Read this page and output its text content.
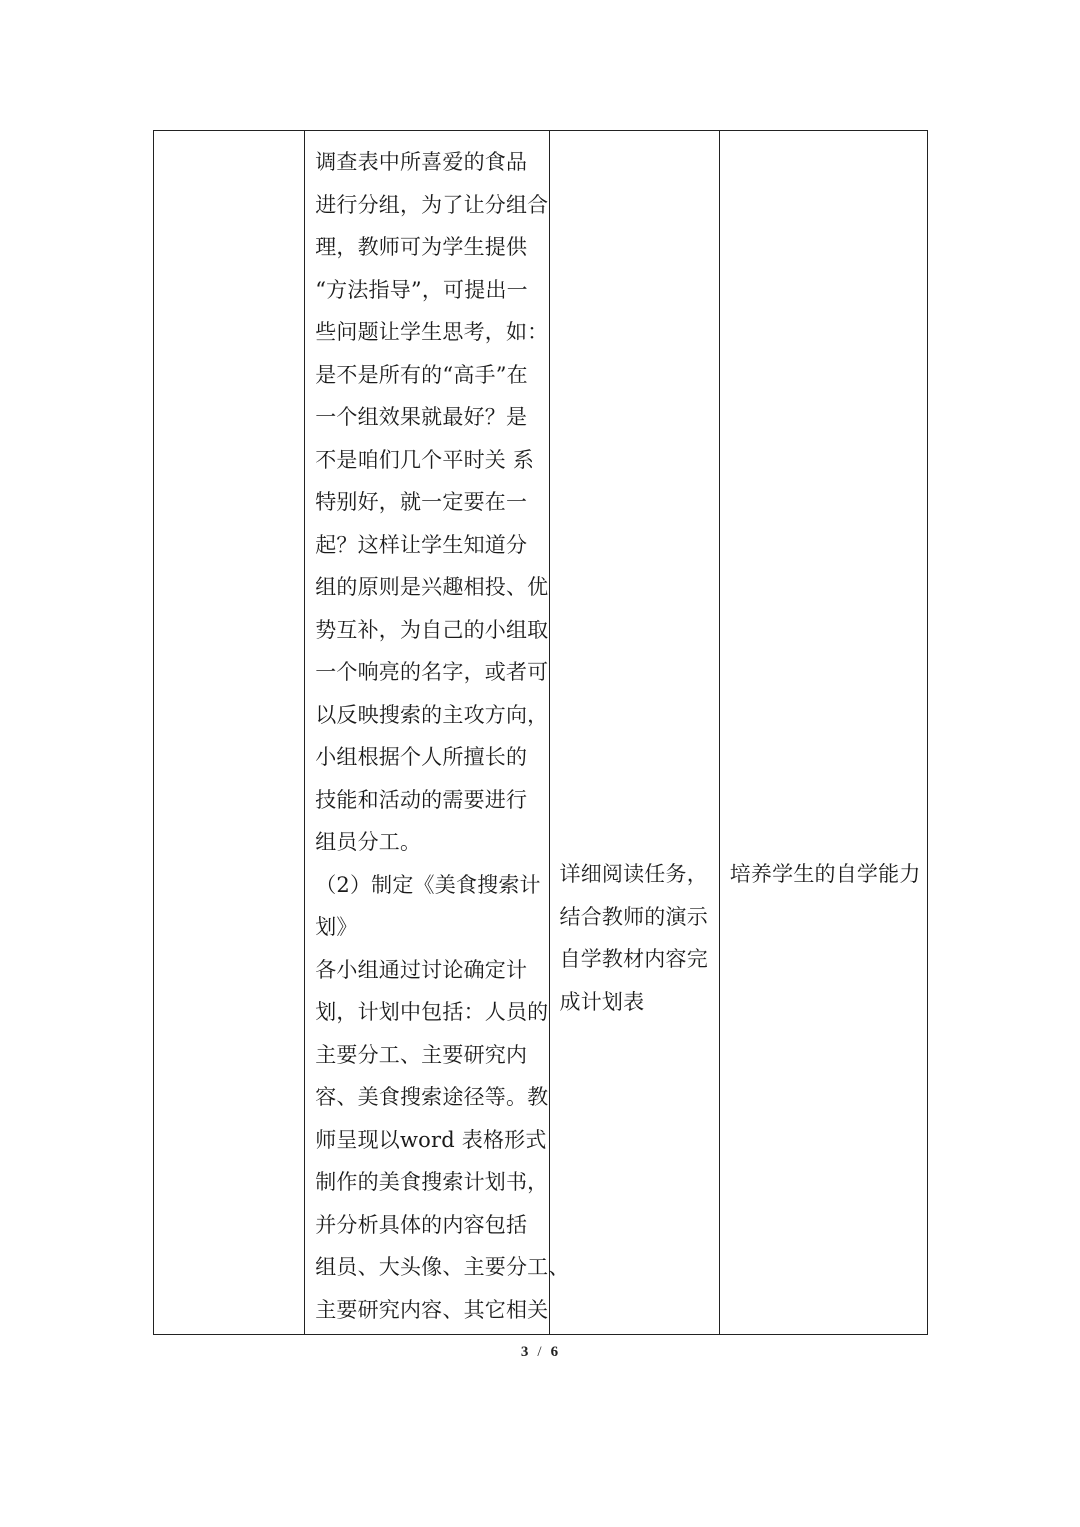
调查表中所喜爱的食品
进行分组，为了让分组合
理，教师可为学生提供
“方法指导”，可提出一
些问题让学生思考，如：
是不是所有的“高手”在
一个组效果就最好？是
不是咱们几个平时关 系
特别好，就一定要在一
起？这样让学生知道分
组的原则是兴趣相投、优
势互补，为自己的小组取
一个响亮的名字，或者可
以反映搜索的主攻方向，
小组根据个人所擅长的
技能和活动的需要进行
组员分工。
（2）制定《美食搜索计
划》
各小组通过讨论确定计
划，计划中包括：人员的
主要分工、主要研究内
容、美食搜索途径等。教
师呈现以word 表格形式
制作的美食搜索计划书，
并分析具体的内容包括
组员、大头像、主要分工、
主要研究内容、其它相关

详细阅读任务，
结合教师的演示
自学教材内容完
成计划表

培养学生的自学能力
3 / 6
